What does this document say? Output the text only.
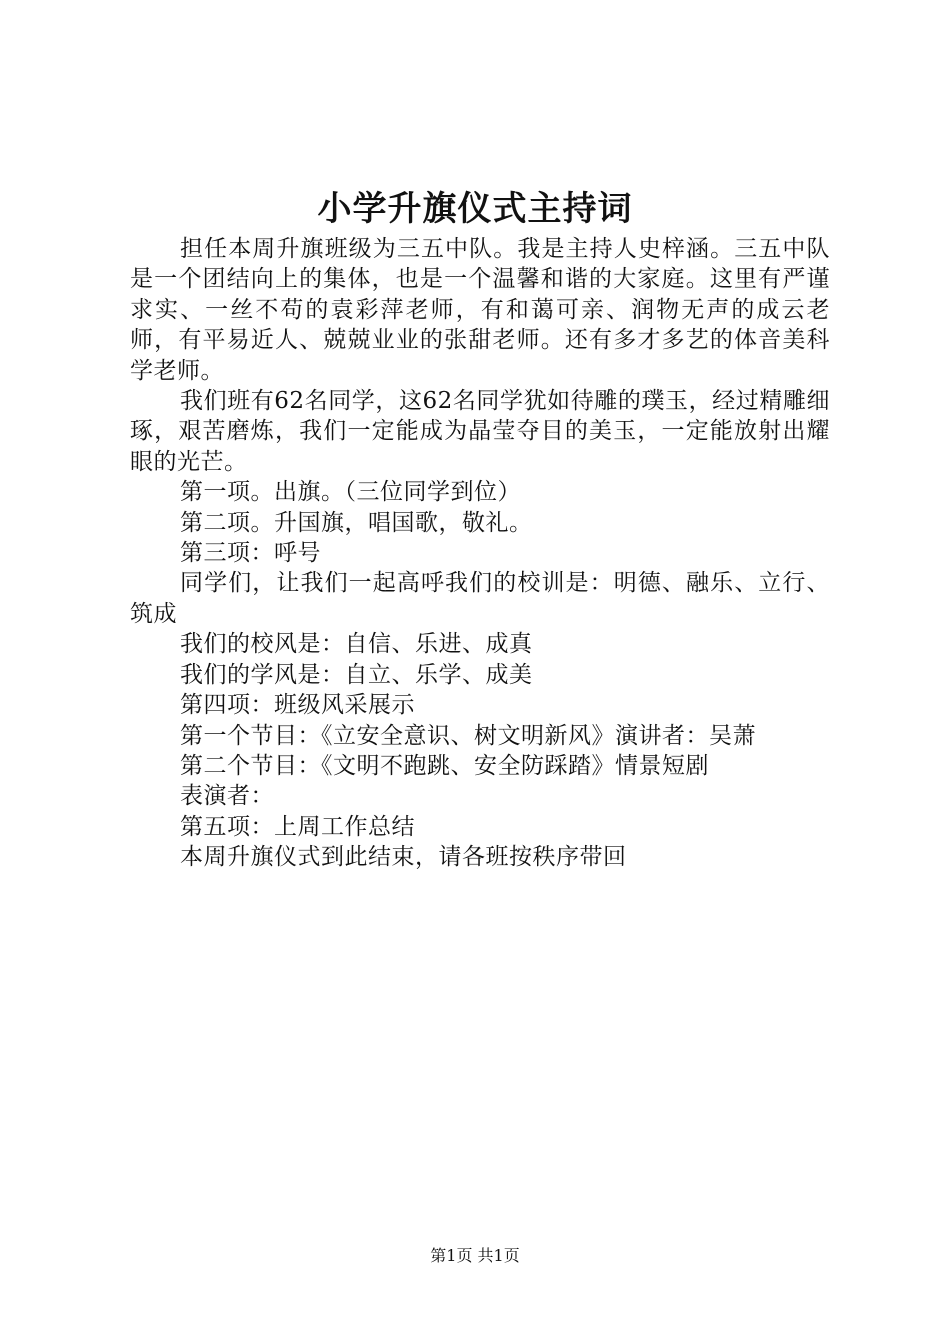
小学升旗仪式主持词

担任本周升旗班级为三五中队。我是主持人史梓涵。三五中队是一个团结向上的集体，也是一个温馨和谐的大家庭。这里有严谨求实、一丝不苟的袁彩萍老师，有和蔼可亲、润物无声的成云老师，有平易近人、兢兢业业的张甜老师。还有多才多艺的体音美科学老师。

我们班有62名同学，这62名同学犹如待雕的璞玉，经过精雕细琢，艰苦磨炼，我们一定能成为晶莹夺目的美玉，一定能放射出耀眼的光芒。

第一项。出旗。（三位同学到位）

第二项。升国旗，唱国歌，敬礼。

第三项：呼号

同学们，让我们一起高呼我们的校训是：明德、融乐、立行、筑成

我们的校风是：自信、乐进、成真

我们的学风是：自立、乐学、成美

第四项：班级风采展示

第一个节目：《立安全意识、树文明新风》演讲者：吴萧

第二个节目：《文明不跑跳、安全防踩踏》情景短剧

表演者：

第五项：上周工作总结

本周升旗仪式到此结束，请各班按秩序带回

第1页 共1页
